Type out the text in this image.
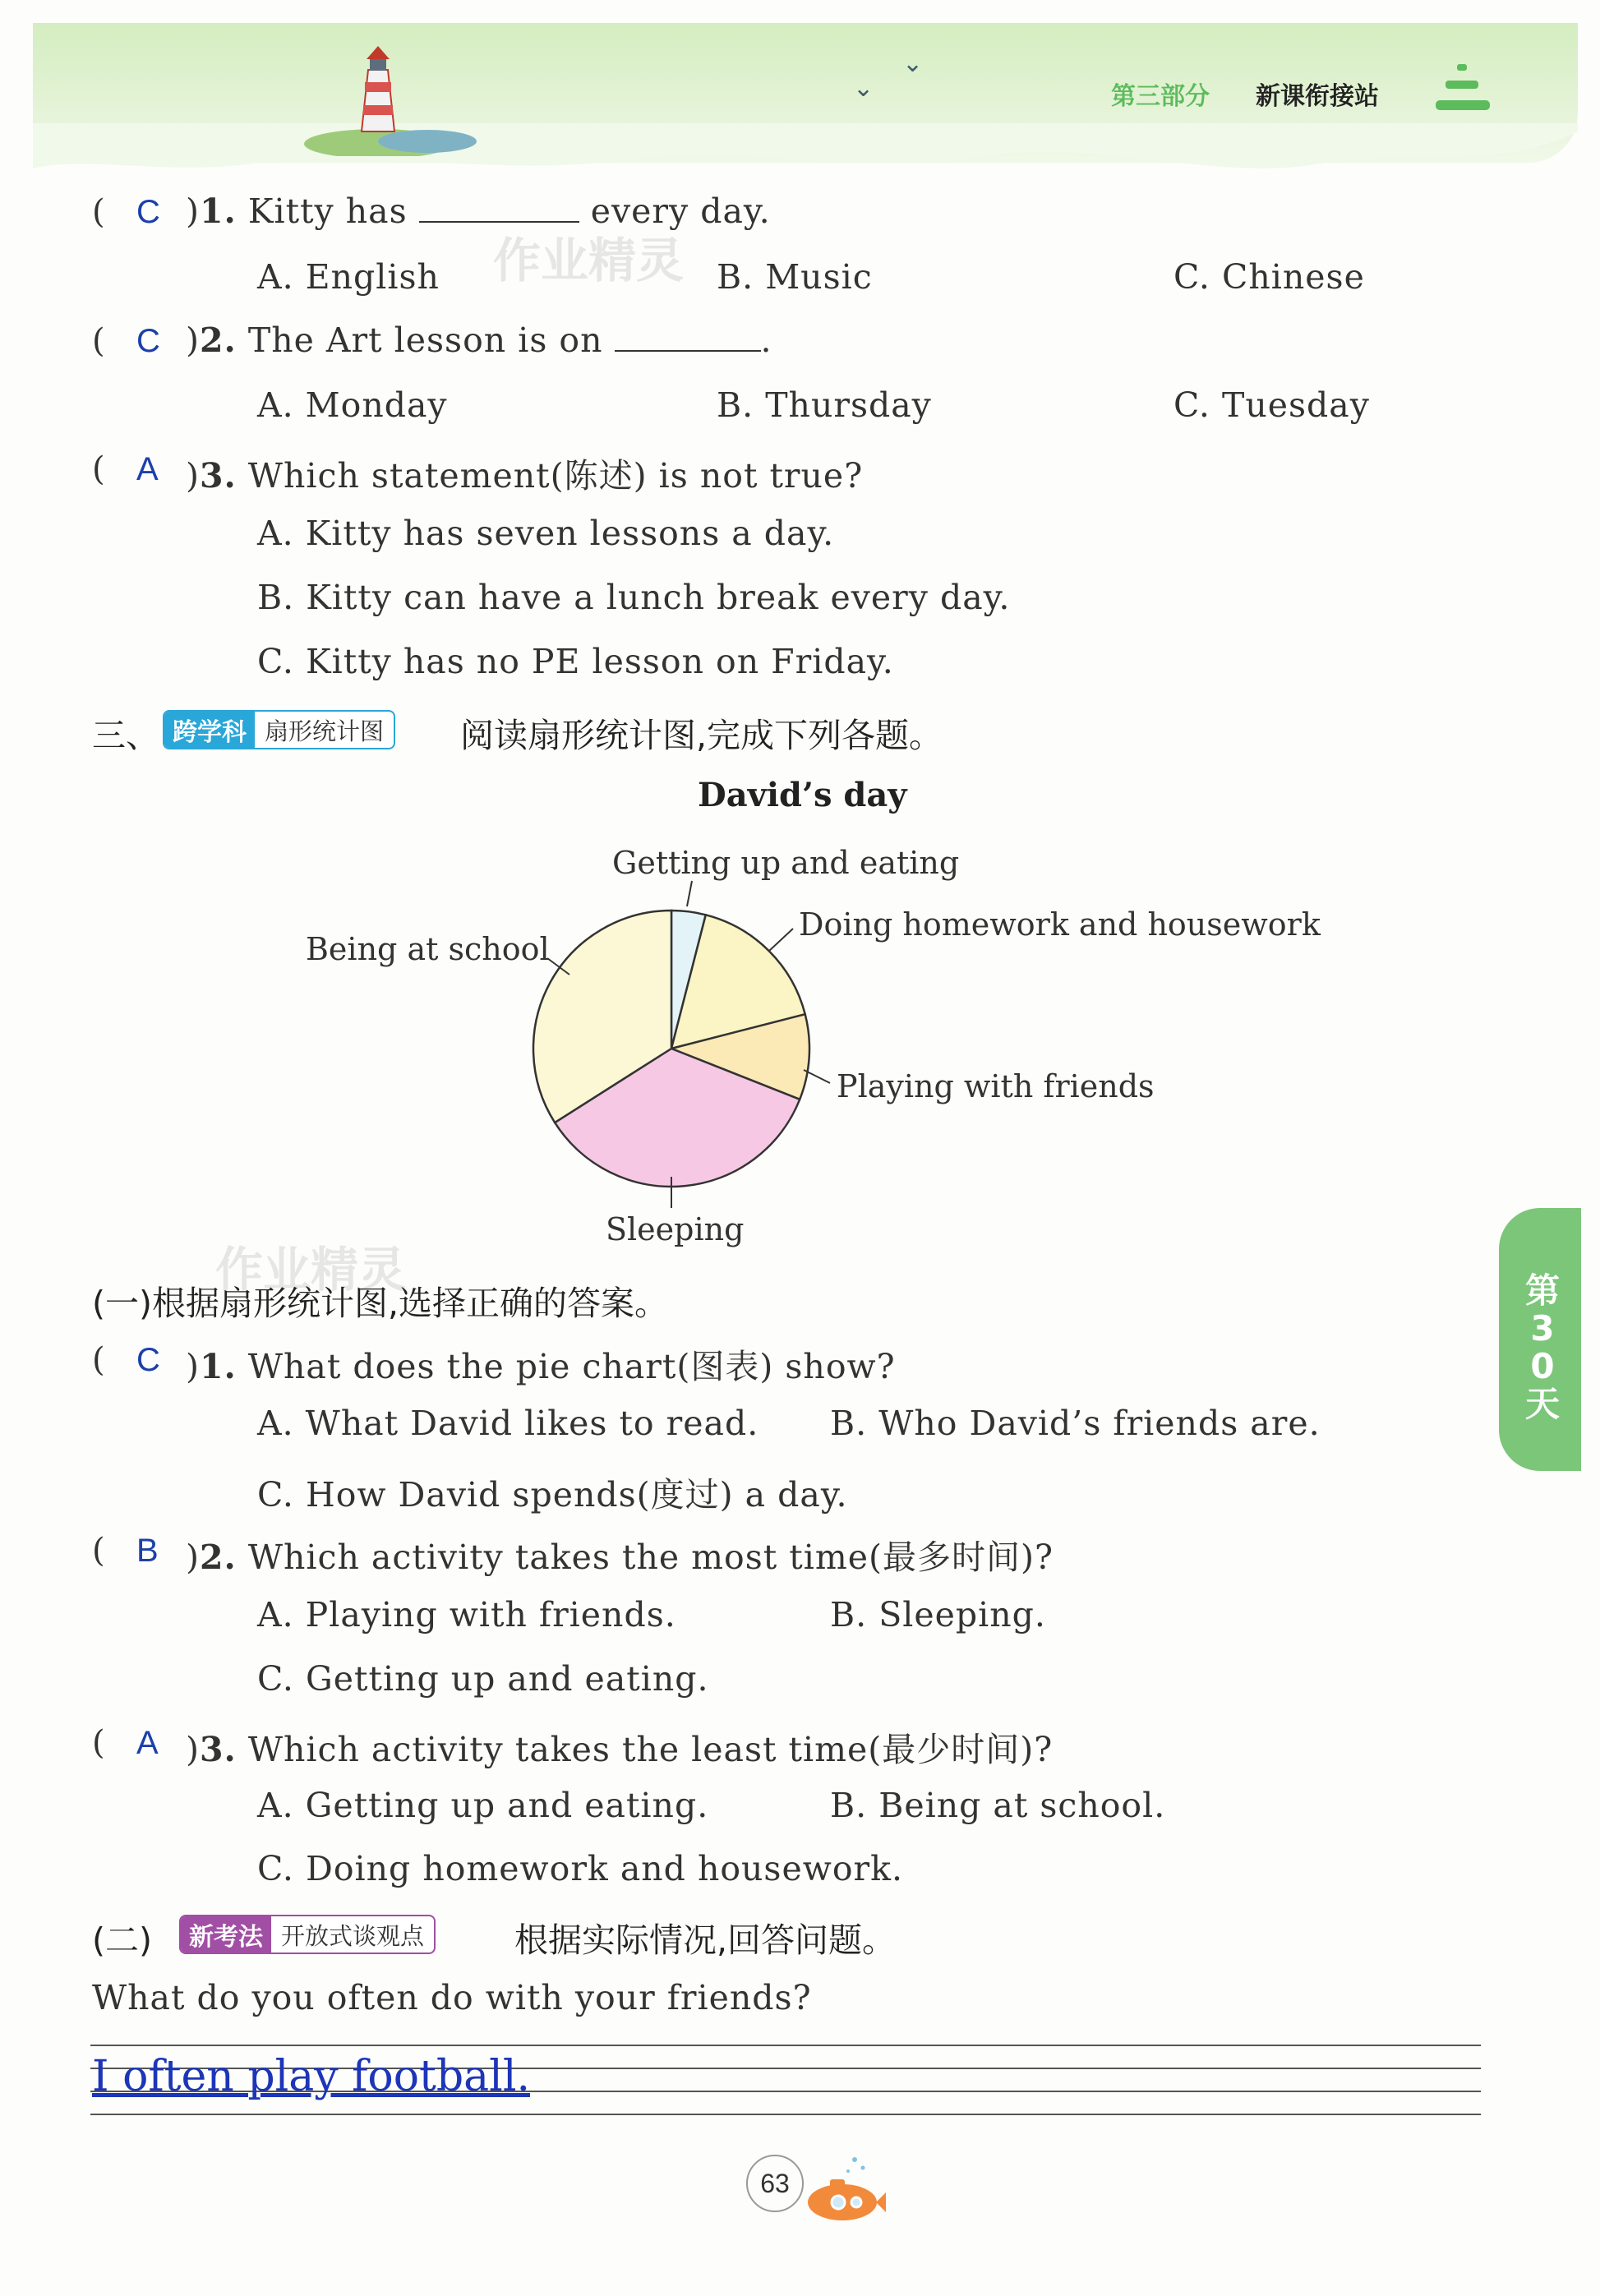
⌄
⌄	第三部分 新课衔接站
( C )1. Kitty has	every day.
A. English	B. Music	C. Chinese
( C )2. The Art lesson is on	.
A. Monday	B. Thursday	C. Tuesday
( A )3. Which statement(陈述) is not true?
A. Kitty has seven lessons a day.
B. Kitty can have a lunch break every day.
C. Kitty has no PE lesson on Friday.
三、 跨学科 扇形统计图 阅读扇形统计图,完成下列各题。
David’s day
Getting up and eating
Doing homework and housework
Playing with friends
Sleeping
Being at school
作业精灵
作业精灵
(一)根据扇形统计图,选择正确的答案。
( C )1. What does the pie chart(图表) show?
A. What David likes to read. B. Who David’s friends are.
C. How David spends(度过) a day.
( B )2. Which activity takes the most time(最多时间)?
A. Playing with friends.	B. Sleeping.
C. Getting up and eating.
( A )3. Which activity takes the least time(最少时间)?
A. Getting up and eating.	B. Being at school.
C. Doing homework and housework.
(二)	新考法 开放式谈观点	根据实际情况,回答问题。
What do you often do with your friends?
I often play football.
第30天
63
